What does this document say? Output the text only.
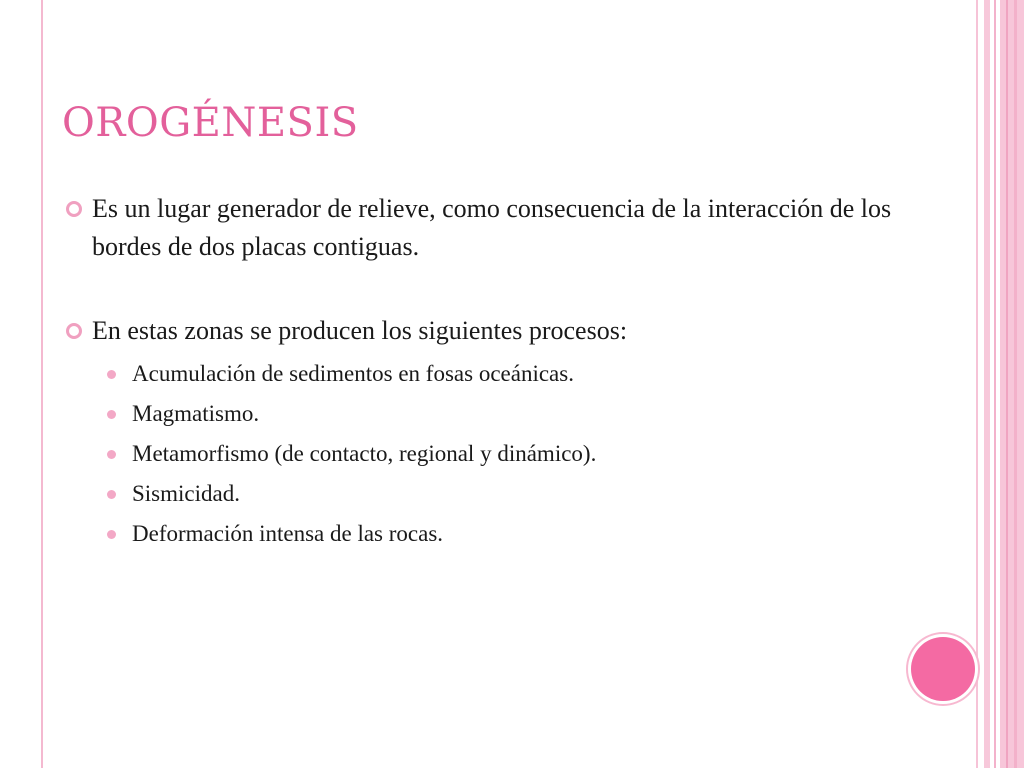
OROGÉNESIS
Es un lugar generador de relieve, como consecuencia de la interacción de los bordes de dos placas contiguas.
En estas zonas se producen los siguientes procesos:
Acumulación de sedimentos en fosas oceánicas.
Magmatismo.
Metamorfismo (de contacto, regional y dinámico).
Sismicidad.
Deformación intensa de las rocas.
